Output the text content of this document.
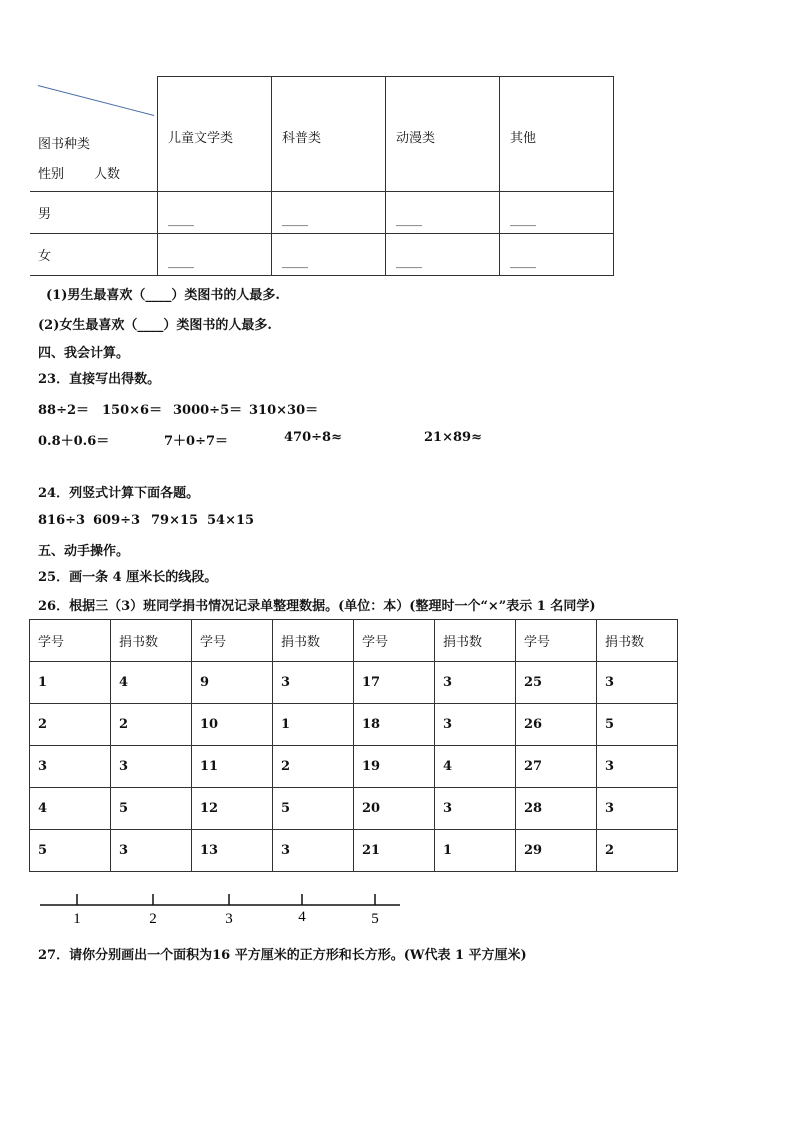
图书种类
性别 人数	儿童文学类	科普类	动漫类	其他

男	____	____	____	____
女	____	____	____	____
(1)男生最喜欢（____）类图书的人最多.
(2)女生最喜欢（____）类图书的人最多.
四、我会计算。
23．直接写出得数。
88÷2＝ 150×6＝ 3000÷5＝ 310×30＝
0.8＋0.6＝	7＋0÷7＝	470÷8≈	21×89≈
24．列竖式计算下面各题。
816÷3 609÷3 79×15 54×15
五、动手操作。
25．画一条 4 厘米长的线段。
26．根据三（3）班同学捐书情况记录单整理数据。(单位：本）(整理时一个“×”表示 1 名同学)
学号	捐书数	学号	捐书数	学号	捐书数	学号	捐书数
1	4	9	3	17	3	25	3
2	2	10	1	18	3	26	5
3	3	11	2	19	4	27	3
4	5	12	5	20	3	28	3
5	3	13	3	21	1	29	2
1	2	3	4	5
27．请你分别画出一个面积为16 平方厘米的正方形和长方形。(W代表 1 平方厘米)
